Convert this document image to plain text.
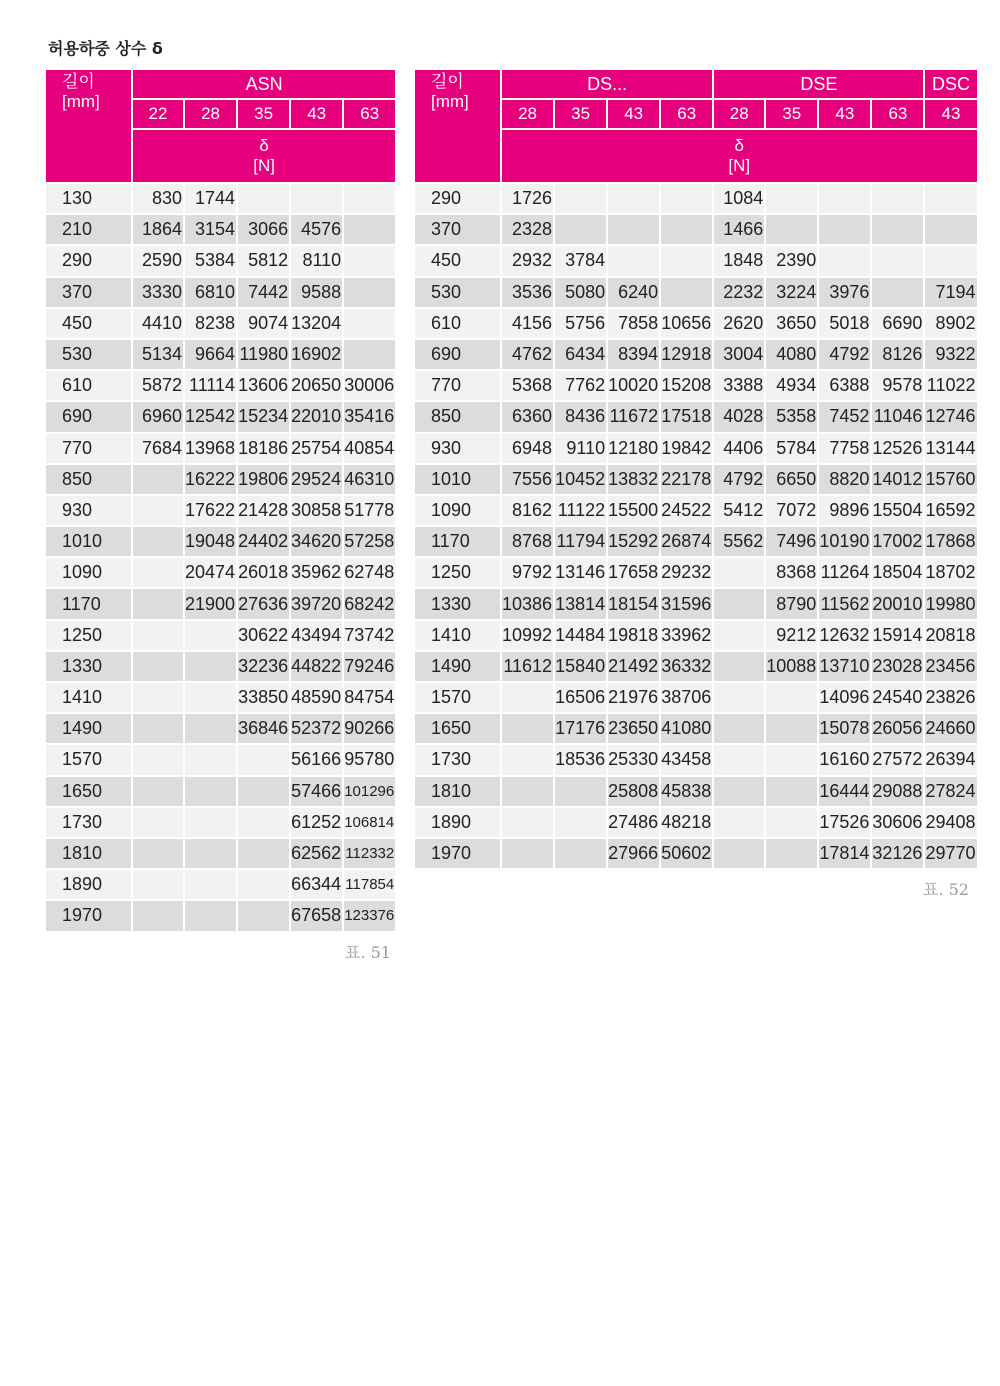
허용하중 상수 δ
길이
[mm]	ASN				
	22	28	35	43	63

	δ
[N]				

130	830	1744			
210	1864	3154	3066	4576	
290	2590	5384	5812	8110	
370	3330	6810	7442	9588	
450	4410	8238	9074	13204	
530	5134	9664	11980	16902	
610	5872	11114	13606	20650	30006
690	6960	12542	15234	22010	35416
770	7684	13968	18186	25754	40854
850		16222	19806	29524	46310
930		17622	21428	30858	51778
1010		19048	24402	34620	57258
1090		20474	26018	35962	62748
1170		21900	27636	39720	68242
1250			30622	43494	73742
1330			32236	44822	79246
1410			33850	48590	84754
1490			36846	52372	90266
1570				56166	95780
1650				57466	101296
1730				61252	106814
1810				62562	112332
1890				66344	117854
1970				67658	123376
표. 51
길이
[mm]	DS...				DSE				DSC
	28	35	43	63	28	35	43	63	43

	δ
[N]								

290	1726				1084				
370	2328				1466				
450	2932	3784			1848	2390			
530	3536	5080	6240		2232	3224	3976		7194
610	4156	5756	7858	10656	2620	3650	5018	6690	8902
690	4762	6434	8394	12918	3004	4080	4792	8126	9322
770	5368	7762	10020	15208	3388	4934	6388	9578	11022
850	6360	8436	11672	17518	4028	5358	7452	11046	12746
930	6948	9110	12180	19842	4406	5784	7758	12526	13144
1010	7556	10452	13832	22178	4792	6650	8820	14012	15760
1090	8162	11122	15500	24522	5412	7072	9896	15504	16592
1170	8768	11794	15292	26874	5562	7496	10190	17002	17868
1250	9792	13146	17658	29232		8368	11264	18504	18702
1330	10386	13814	18154	31596		8790	11562	20010	19980
1410	10992	14484	19818	33962		9212	12632	15914	20818
1490	11612	15840	21492	36332		10088	13710	23028	23456
1570		16506	21976	38706			14096	24540	23826
1650		17176	23650	41080			15078	26056	24660
1730		18536	25330	43458			16160	27572	26394
1810			25808	45838			16444	29088	27824
1890			27486	48218			17526	30606	29408
1970			27966	50602			17814	32126	29770
표. 52
